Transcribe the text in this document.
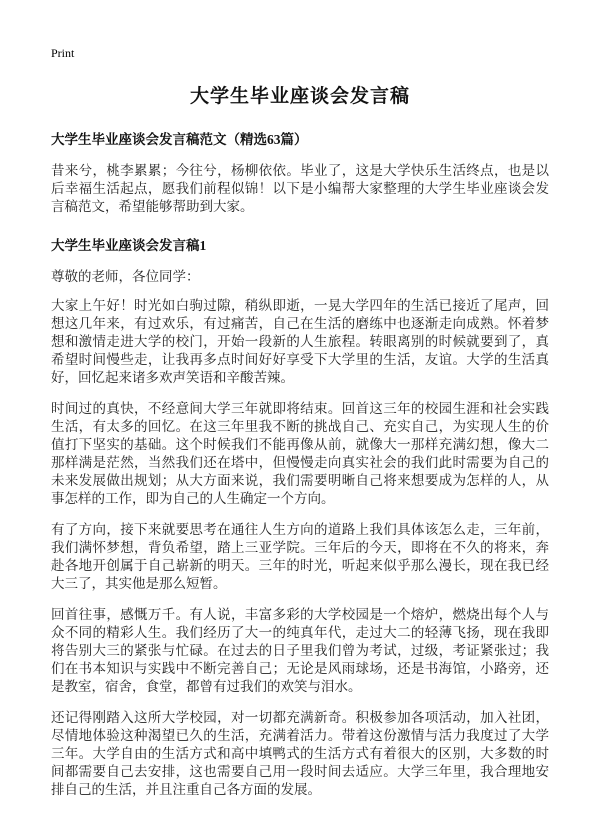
Print
大学生毕业座谈会发言稿
大学生毕业座谈会发言稿范文（精选63篇）

昔来兮，桃李累累；今往兮，杨柳依依。毕业了，这是大学快乐生活终点，也是以后幸福生活起点，愿我们前程似锦！以下是小编帮大家整理的大学生毕业座谈会发言稿范文，希望能够帮助到大家。

大学生毕业座谈会发言稿1

尊敬的老师，各位同学：

大家上午好！时光如白驹过隙，稍纵即逝，一晃大学四年的生活已接近了尾声，回想这几年来，有过欢乐，有过痛苦，自己在生活的磨练中也逐渐走向成熟。怀着梦想和激情走进大学的校门，开始一段新的人生旅程。转眼离别的时候就要到了，真希望时间慢些走，让我再多点时间好好享受下大学里的生活，友谊。大学的生活真好，回忆起来诸多欢声笑语和辛酸苦辣。

时间过的真快，不经意间大学三年就即将结束。回首这三年的校园生涯和社会实践生活，有太多的回忆。在这三年里我不断的挑战自己、充实自己，为实现人生的价值打下坚实的基础。这个时候我们不能再像从前，就像大一那样充满幻想，像大二那样满是茫然，当然我们还在塔中，但慢慢走向真实社会的我们此时需要为自己的未来发展做出规划；从大方面来说，我们需要明晰自己将来想要成为怎样的人，从事怎样的工作，即为自己的人生确定一个方向。

有了方向，接下来就要思考在通往人生方向的道路上我们具体该怎么走，三年前，我们满怀梦想，背负希望，踏上三亚学院。三年后的今天，即将在不久的将来，奔赴各地开创属于自己崭新的明天。三年的时光，听起来似乎那么漫长，现在我已经大三了，其实他是那么短暂。

回首往事，感慨万千。有人说，丰富多彩的大学校园是一个熔炉，燃烧出每个人与众不同的精彩人生。我们经历了大一的纯真年代，走过大二的轻薄飞扬，现在我即将告别大三的紧张与忙碌。在过去的日子里我们曾为考试，过级，考证紧张过；我们在书本知识与实践中不断完善自己；无论是风雨球场，还是书海馆，小路旁，还是教室，宿舍，食堂，都曾有过我们的欢笑与泪水。

还记得刚踏入这所大学校园，对一切都充满新奇。积极参加各项活动，加入社团，尽情地体验这种渴望已久的生活，充满着活力。带着这份激情与活力我度过了大学三年。大学自由的生活方式和高中填鸭式的生活方式有着很大的区别，大多数的时间都需要自己去安排，这也需要自己用一段时间去适应。大学三年里，我合理地安排自己的生活，并且注重自己各方面的发展。
